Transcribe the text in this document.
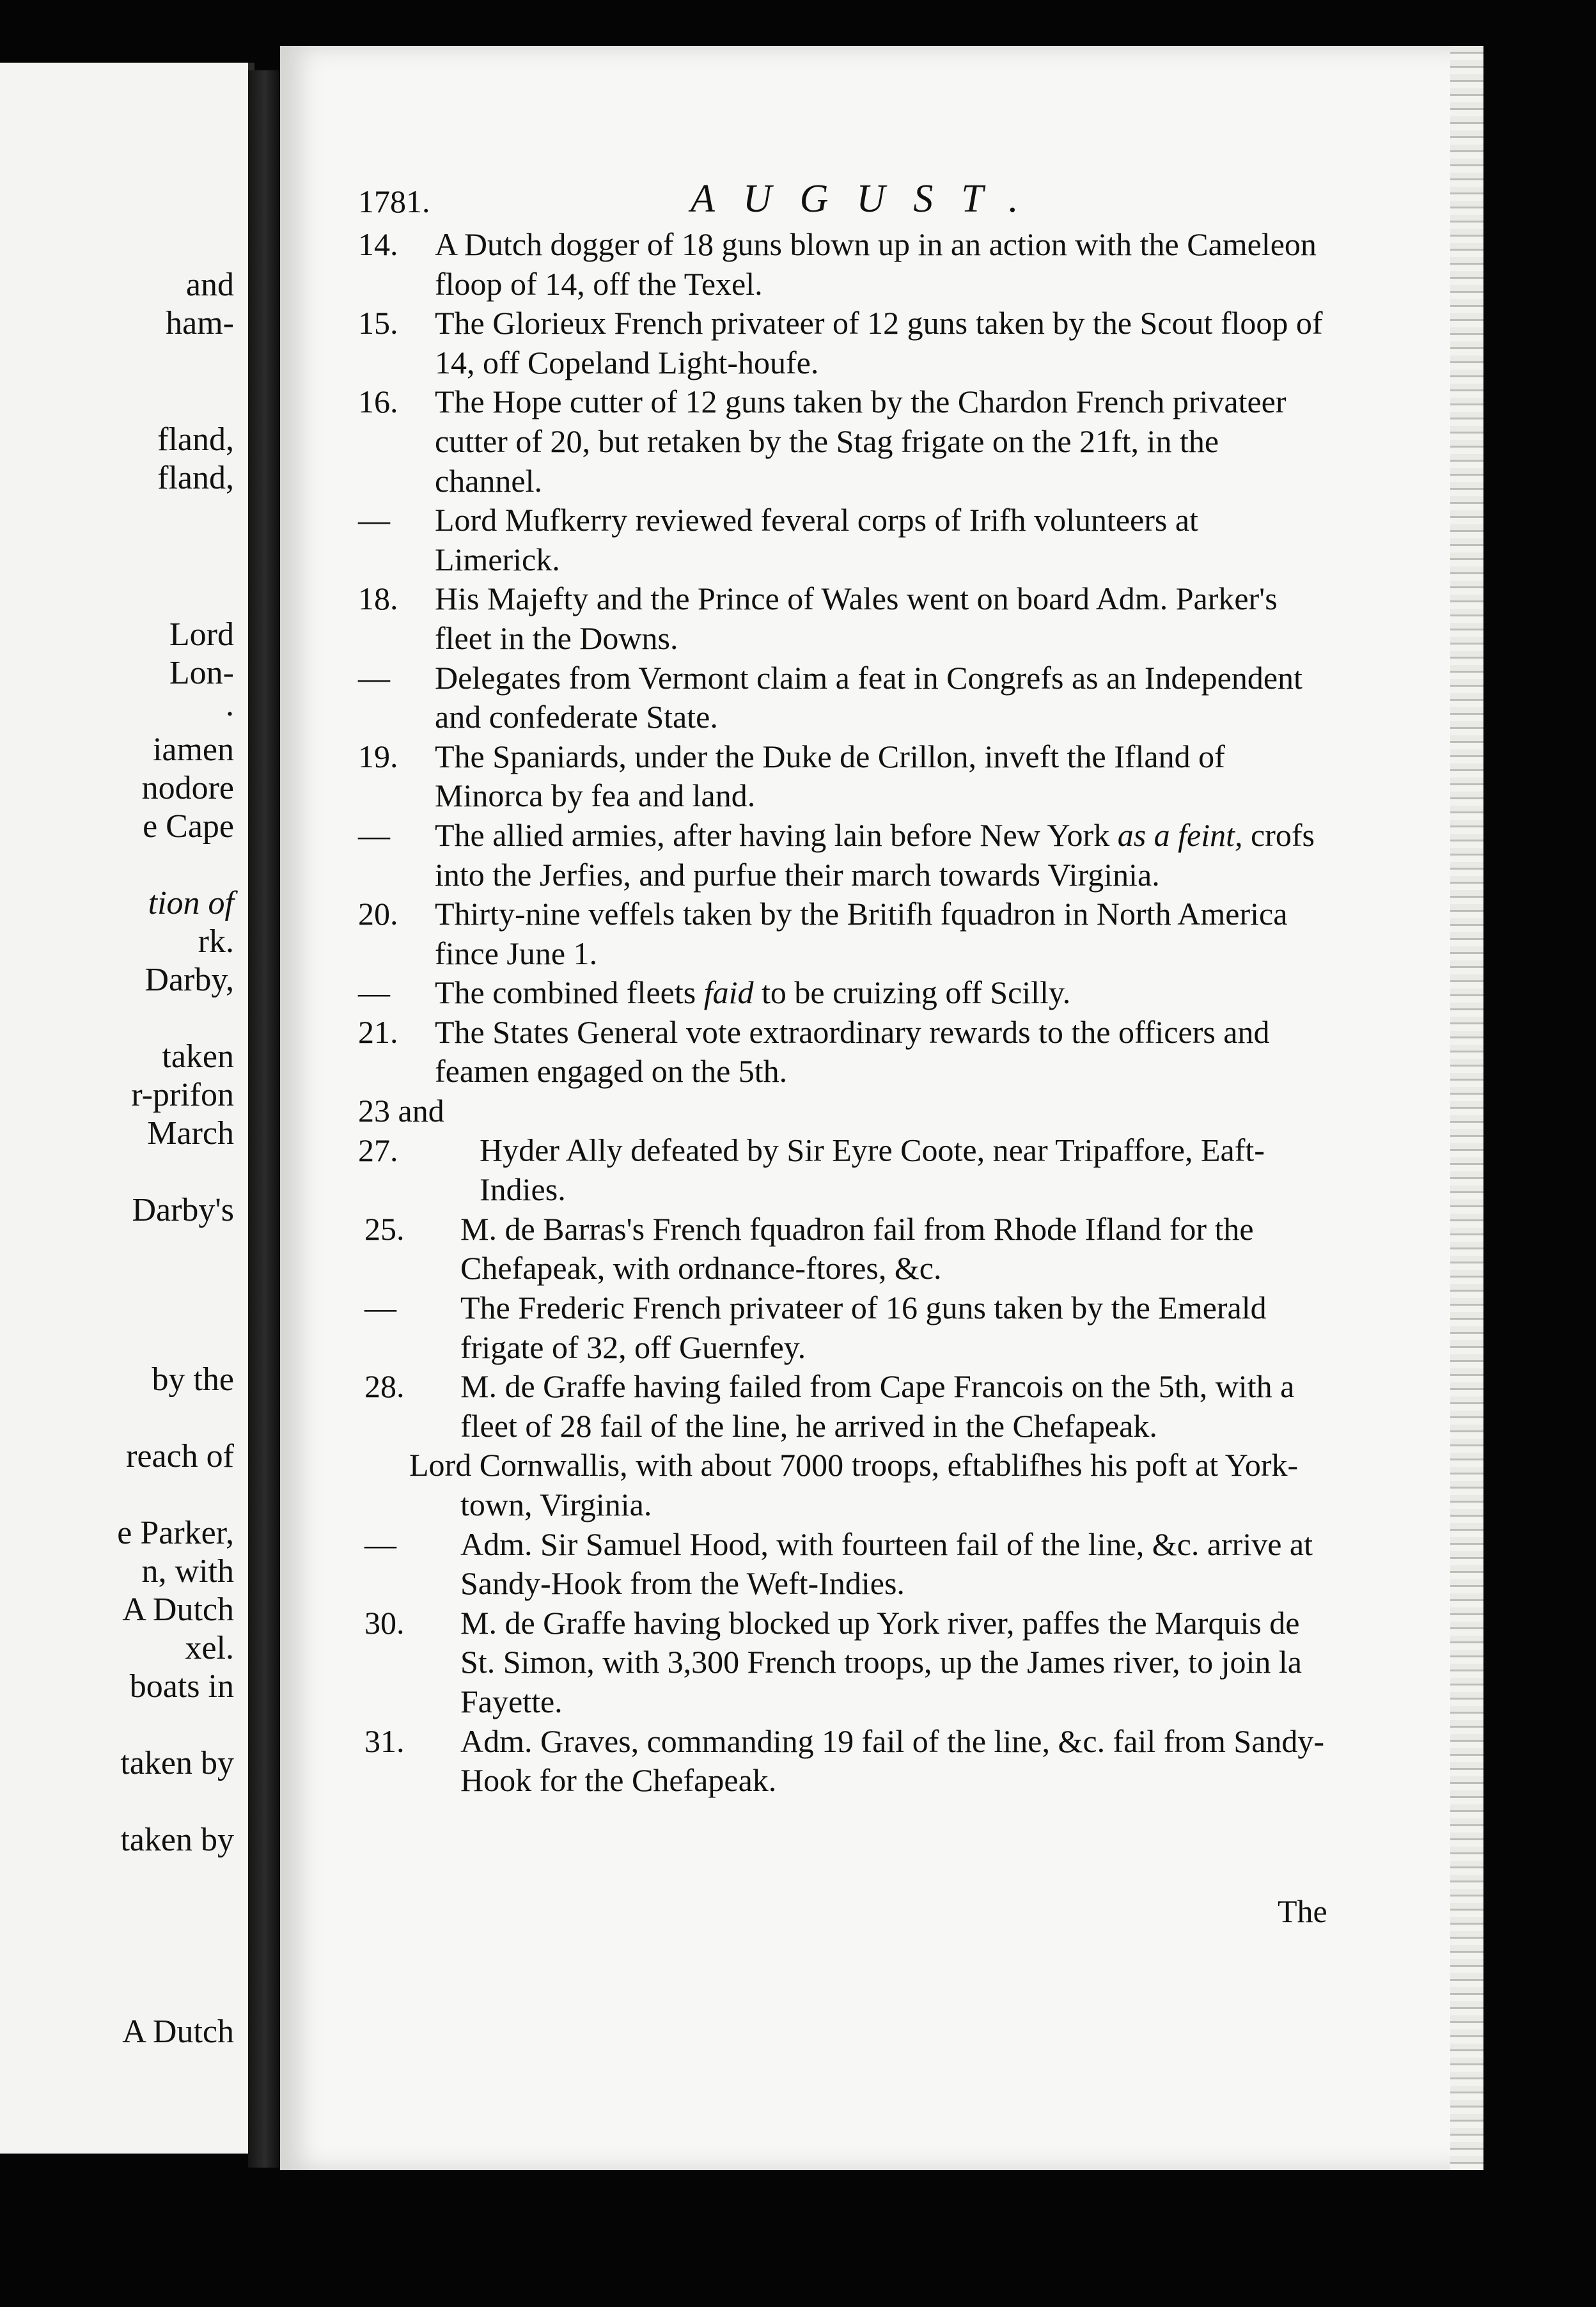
and
ham-
fland,
fland,
Lord
Lon-
.
iamen
nodore
e Cape
tion of
rk.
Darby,
taken
r-prifon
March
Darby's
by the
reach of
e Parker,
n, with
A Dutch
xel.
boats in
taken by
taken by
A Dutch
1781.	AUGUST.
14. A Dutch dogger of 18 guns blown up in an action with the Cameleon floop of 14, off the Texel.
15. The Glorieux French privateer of 12 guns taken by the Scout floop of 14, off Copeland Light-houfe.
16. The Hope cutter of 12 guns taken by the Chardon French privateer cutter of 20, but retaken by the Stag frigate on the 21ft, in the channel.
— Lord Mufkerry reviewed feveral corps of Irifh volunteers at Limerick.
18. His Majefty and the Prince of Wales went on board Adm. Parker's fleet in the Downs.
— Delegates from Vermont claim a feat in Congrefs as an Independent and confederate State.
19. The Spaniards, under the Duke de Crillon, inveft the Ifland of Minorca by fea and land.
— The allied armies, after having lain before New York as a feint, crofs into the Jerfies, and purfue their march towards Virginia.
20. Thirty-nine veffels taken by the Britifh fquadron in North America fince June 1.
— The combined fleets faid to be cruizing off Scilly.
21. The States General vote extraordinary rewards to the officers and feamen engaged on the 5th.
23 and 27.	Hyder Ally defeated by Sir Eyre Coote, near Tripaffore, Eaft-Indies.
25. M. de Barras's French fquadron fail from Rhode Ifland for the Chefapeak, with ordnance-ftores, &c.
— The Frederic French privateer of 16 guns taken by the Emerald frigate of 32, off Guernfey.
28. M. de Graffe having failed from Cape Francois on the 5th, with a fleet of 28 fail of the line, he arrived in the Chefapeak.
Lord Cornwallis, with about 7000 troops, eftablifhes his poft at York-town, Virginia.
— Adm. Sir Samuel Hood, with fourteen fail of the line, &c. arrive at Sandy-Hook from the Weft-Indies.
30. M. de Graffe having blocked up York river, paffes the Marquis de St. Simon, with 3,300 French troops, up the James river, to join la Fayette.
31. Adm. Graves, commanding 19 fail of the line, &c. fail from Sandy-Hook for the Chefapeak.
The
